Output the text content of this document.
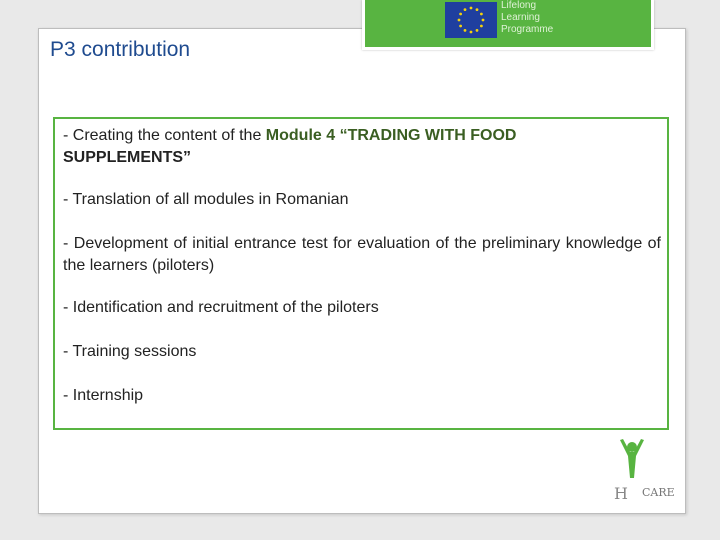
Lifelong
Learning
Programme
P3 contribution
- Creating the content of the Module 4 “TRADING WITH FOOD
SUPPLEMENTS”
- Translation of all modules in Romanian
- Development of initial entrance test for evaluation of the preliminary knowledge of the learners (piloters)
- Identification and recruitment of the piloters
- Training sessions
- Internship
H CARE
